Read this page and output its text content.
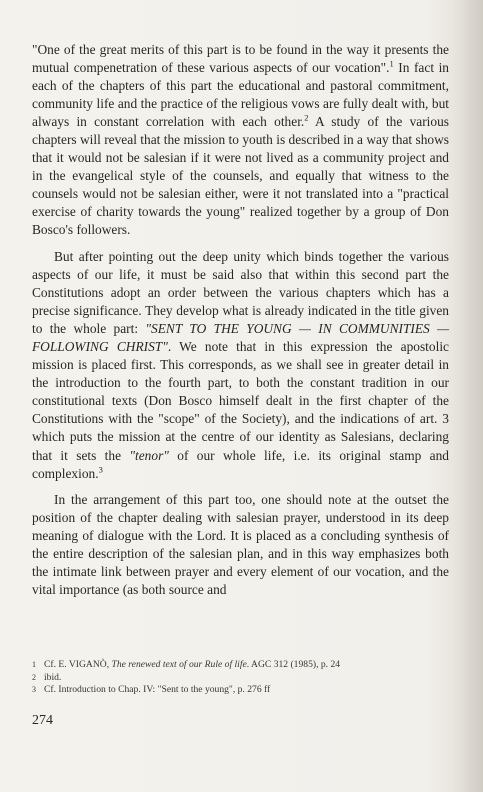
"One of the great merits of this part is to be found in the way it presents the mutual compenetration of these various aspects of our vocation".$^1$ In fact in each of the chapters of this part the educational and pastoral commitment, community life and the practice of the religious vows are fully dealt with, but always in constant correlation with each other.$^2$ A study of the various chapters will reveal that the mission to youth is described in a way that shows that it would not be salesian if it were not lived as a community project and in the evangelical style of the counsels, and equally that witness to the counsels would not be salesian either, were it not translated into a "practical exercise of charity towards the young" realized together by a group of Don Bosco's followers.

But after pointing out the deep unity which binds together the various aspects of our life, it must be said also that within this second part the Constitutions adopt an order between the various chapters which has a precise significance. They develop what is already indicated in the title given to the whole part: "SENT TO THE YOUNG — IN COMMUNITIES — FOLLOWING CHRIST". We note that in this expression the apostolic mission is placed first. This corresponds, as we shall see in greater detail in the introduction to the fourth part, to both the constant tradition in our constitutional texts (Don Bosco himself dealt in the first chapter of the Constitutions with the "scope" of the Society), and the indications of art. 3 which puts the mission at the centre of our identity as Salesians, declaring that it sets the "tenor" of our whole life, i.e. its original stamp and complexion.$^3$

In the arrangement of this part too, one should note at the outset the position of the chapter dealing with salesian prayer, understood in its deep meaning of dialogue with the Lord. It is placed as a concluding synthesis of the entire description of the salesian plan, and in this way emphasizes both the intimate link between prayer and every element of our vocation, and the vital importance (as both source and

1 Cf. E. VIGANÒ, The renewed text of our Rule of life. AGC 312 (1985), p. 24
2 ibid.
3 Cf. Introduction to Chap. IV: "Sent to the young", p. 276 ff
274
